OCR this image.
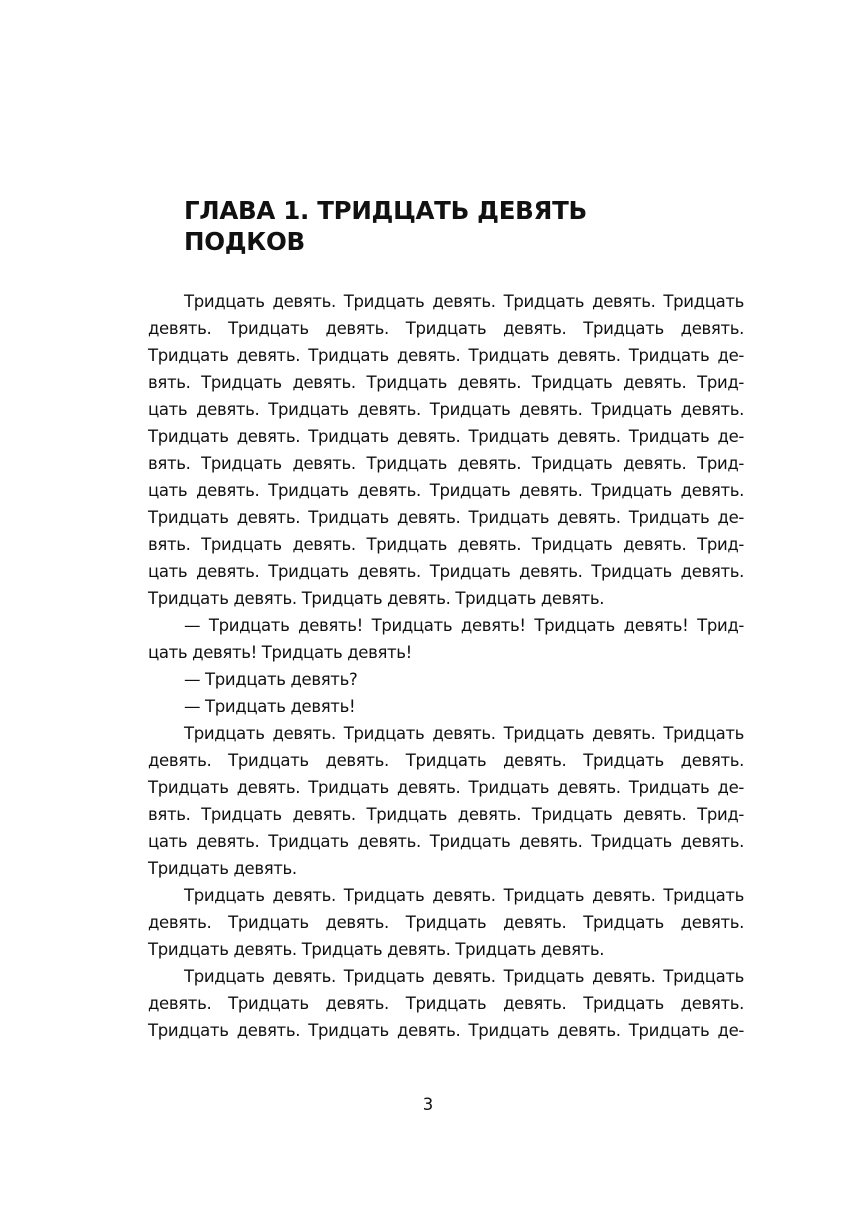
ГЛАВА 1. ТРИДЦАТЬ ДЕВЯТЬ
ПОДКОВ
Тридцать девять. Тридцать девять. Тридцать девять. Тридцать
девять. Тридцать девять. Тридцать девять. Тридцать девять.
Тридцать девять. Тридцать девять. Тридцать девять. Тридцать де-
вять. Тридцать девять. Тридцать девять. Тридцать девять. Трид-
цать девять. Тридцать девять. Тридцать девять. Тридцать девять.
Тридцать девять. Тридцать девять. Тридцать девять. Тридцать де-
вять. Тридцать девять. Тридцать девять. Тридцать девять. Трид-
цать девять. Тридцать девять. Тридцать девять. Тридцать девять.
Тридцать девять. Тридцать девять. Тридцать девять. Тридцать де-
вять. Тридцать девять. Тридцать девять. Тридцать девять. Трид-
цать девять. Тридцать девять. Тридцать девять. Тридцать девять.
Тридцать девять. Тридцать девять. Тридцать девять.
— Тридцать девять! Тридцать девять! Тридцать девять! Трид-
цать девять! Тридцать девять!
— Тридцать девять?
— Тридцать девять!
Тридцать девять. Тридцать девять. Тридцать девять. Тридцать
девять. Тридцать девять. Тридцать девять. Тридцать девять.
Тридцать девять. Тридцать девять. Тридцать девять. Тридцать де-
вять. Тридцать девять. Тридцать девять. Тридцать девять. Трид-
цать девять. Тридцать девять. Тридцать девять. Тридцать девять.
Тридцать девять.
Тридцать девять. Тридцать девять. Тридцать девять. Тридцать
девять. Тридцать девять. Тридцать девять. Тридцать девять.
Тридцать девять. Тридцать девять. Тридцать девять.
Тридцать девять. Тридцать девять. Тридцать девять. Тридцать
девять. Тридцать девять. Тридцать девять. Тридцать девять.
Тридцать девять. Тридцать девять. Тридцать девять. Тридцать де-
3
